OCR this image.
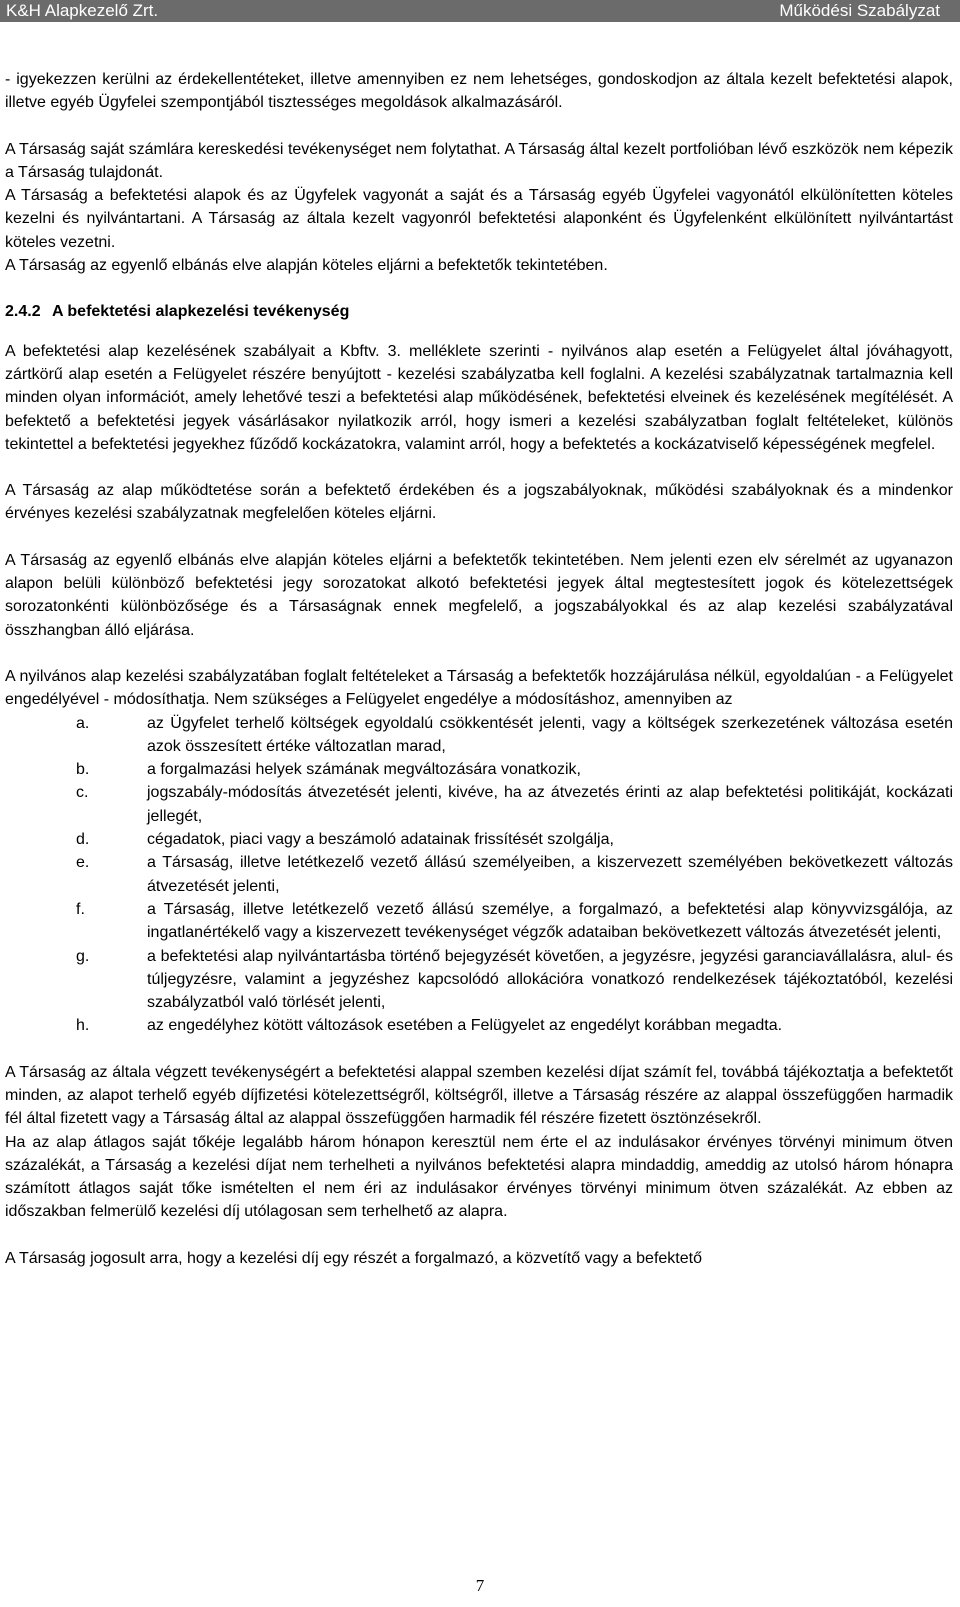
K&H Alapkezelő Zrt.	Működési Szabályzat

- igyekezzen kerülni az érdekellentéteket, illetve amennyiben ez nem lehetséges, gondoskodjon az általa kezelt befektetési alapok, illetve egyéb Ügyfelei szempontjából tisztességes megoldások alkalmazásáról.

A Társaság saját számlára kereskedési tevékenységet nem folytathat. A Társaság által kezelt portfolióban lévő eszközök nem képezik a Társaság tulajdonát.

A Társaság a befektetési alapok és az Ügyfelek vagyonát a saját és a Társaság egyéb Ügyfelei vagyonától elkülönítetten köteles kezelni és nyilvántartani. A Társaság az általa kezelt vagyonról befektetési alaponként és Ügyfelenként elkülönített nyilvántartást köteles vezetni.

A Társaság az egyenlő elbánás elve alapján köteles eljárni a befektetők tekintetében.

2.4.2 A befektetési alapkezelési tevékenység

A befektetési alap kezelésének szabályait a Kbftv. 3. melléklete szerinti - nyilvános alap esetén a Felügyelet által jóváhagyott, zártkörű alap esetén a Felügyelet részére benyújtott - kezelési szabályzatba kell foglalni. A kezelési szabályzatnak tartalmaznia kell minden olyan információt, amely lehetővé teszi a befektetési alap működésének, befektetési elveinek és kezelésének megítélését. A befektető a befektetési jegyek vásárlásakor nyilatkozik arról, hogy ismeri a kezelési szabályzatban foglalt feltételeket, különös tekintettel a befektetési jegyekhez fűződő kockázatokra, valamint arról, hogy a befektetés a kockázatviselő képességének megfelel.

A Társaság az alap működtetése során a befektető érdekében és a jogszabályoknak, működési szabályoknak és a mindenkor érvényes kezelési szabályzatnak megfelelően köteles eljárni.

A Társaság az egyenlő elbánás elve alapján köteles eljárni a befektetők tekintetében. Nem jelenti ezen elv sérelmét az ugyanazon alapon belüli különböző befektetési jegy sorozatokat alkotó befektetési jegyek által megtestesített jogok és kötelezettségek sorozatonkénti különbözősége és a Társaságnak ennek megfelelő, a jogszabályokkal és az alap kezelési szabályzatával összhangban álló eljárása.

A nyilvános alap kezelési szabályzatában foglalt feltételeket a Társaság a befektetők hozzájárulása nélkül, egyoldalúan - a Felügyelet engedélyével - módosíthatja. Nem szükséges a Felügyelet engedélye a módosításhoz, amennyiben az

a.	az Ügyfelet terhelő költségek egyoldalú csökkentését jelenti, vagy a költségek szerkezetének változása esetén azok összesített értéke változatlan marad,
b.	a forgalmazási helyek számának megváltozására vonatkozik,
c.	jogszabály-módosítás átvezetését jelenti, kivéve, ha az átvezetés érinti az alap befektetési politikáját, kockázati jellegét,
d.	cégadatok, piaci vagy a beszámoló adatainak frissítését szolgálja,
e.	a Társaság, illetve letétkezelő vezető állású személyeiben, a kiszervezett személyében bekövetkezett változás átvezetését jelenti,
f.	a Társaság, illetve letétkezelő vezető állású személye, a forgalmazó, a befektetési alap könyvvizsgálója, az ingatlanértékelő vagy a kiszervezett tevékenységet végzők adataiban bekövetkezett változás átvezetését jelenti,
g.	a befektetési alap nyilvántartásba történő bejegyzését követően, a jegyzésre, jegyzési garanciavállalásra, alul- és túljegyzésre, valamint a jegyzéshez kapcsolódó allokációra vonatkozó rendelkezések tájékoztatóból, kezelési szabályzatból való törlését jelenti,
h.	az engedélyhez kötött változások esetében a Felügyelet az engedélyt korábban megadta.

A Társaság az általa végzett tevékenységért a befektetési alappal szemben kezelési díjat számít fel, továbbá tájékoztatja a befektetőt minden, az alapot terhelő egyéb díjfizetési kötelezettségről, költségről, illetve a Társaság részére az alappal összefüggően harmadik fél által fizetett vagy a Társaság által az alappal összefüggően harmadik fél részére fizetett ösztönzésekről.

Ha az alap átlagos saját tőkéje legalább három hónapon keresztül nem érte el az indulásakor érvényes törvényi minimum ötven százalékát, a Társaság a kezelési díjat nem terhelheti a nyilvános befektetési alapra mindaddig, ameddig az utolsó három hónapra számított átlagos saját tőke ismételten el nem éri az indulásakor érvényes törvényi minimum ötven százalékát. Az ebben az időszakban felmerülő kezelési díj utólagosan sem terhelhető az alapra.

A Társaság jogosult arra, hogy a kezelési díj egy részét a forgalmazó, a közvetítő vagy a befektető

7
